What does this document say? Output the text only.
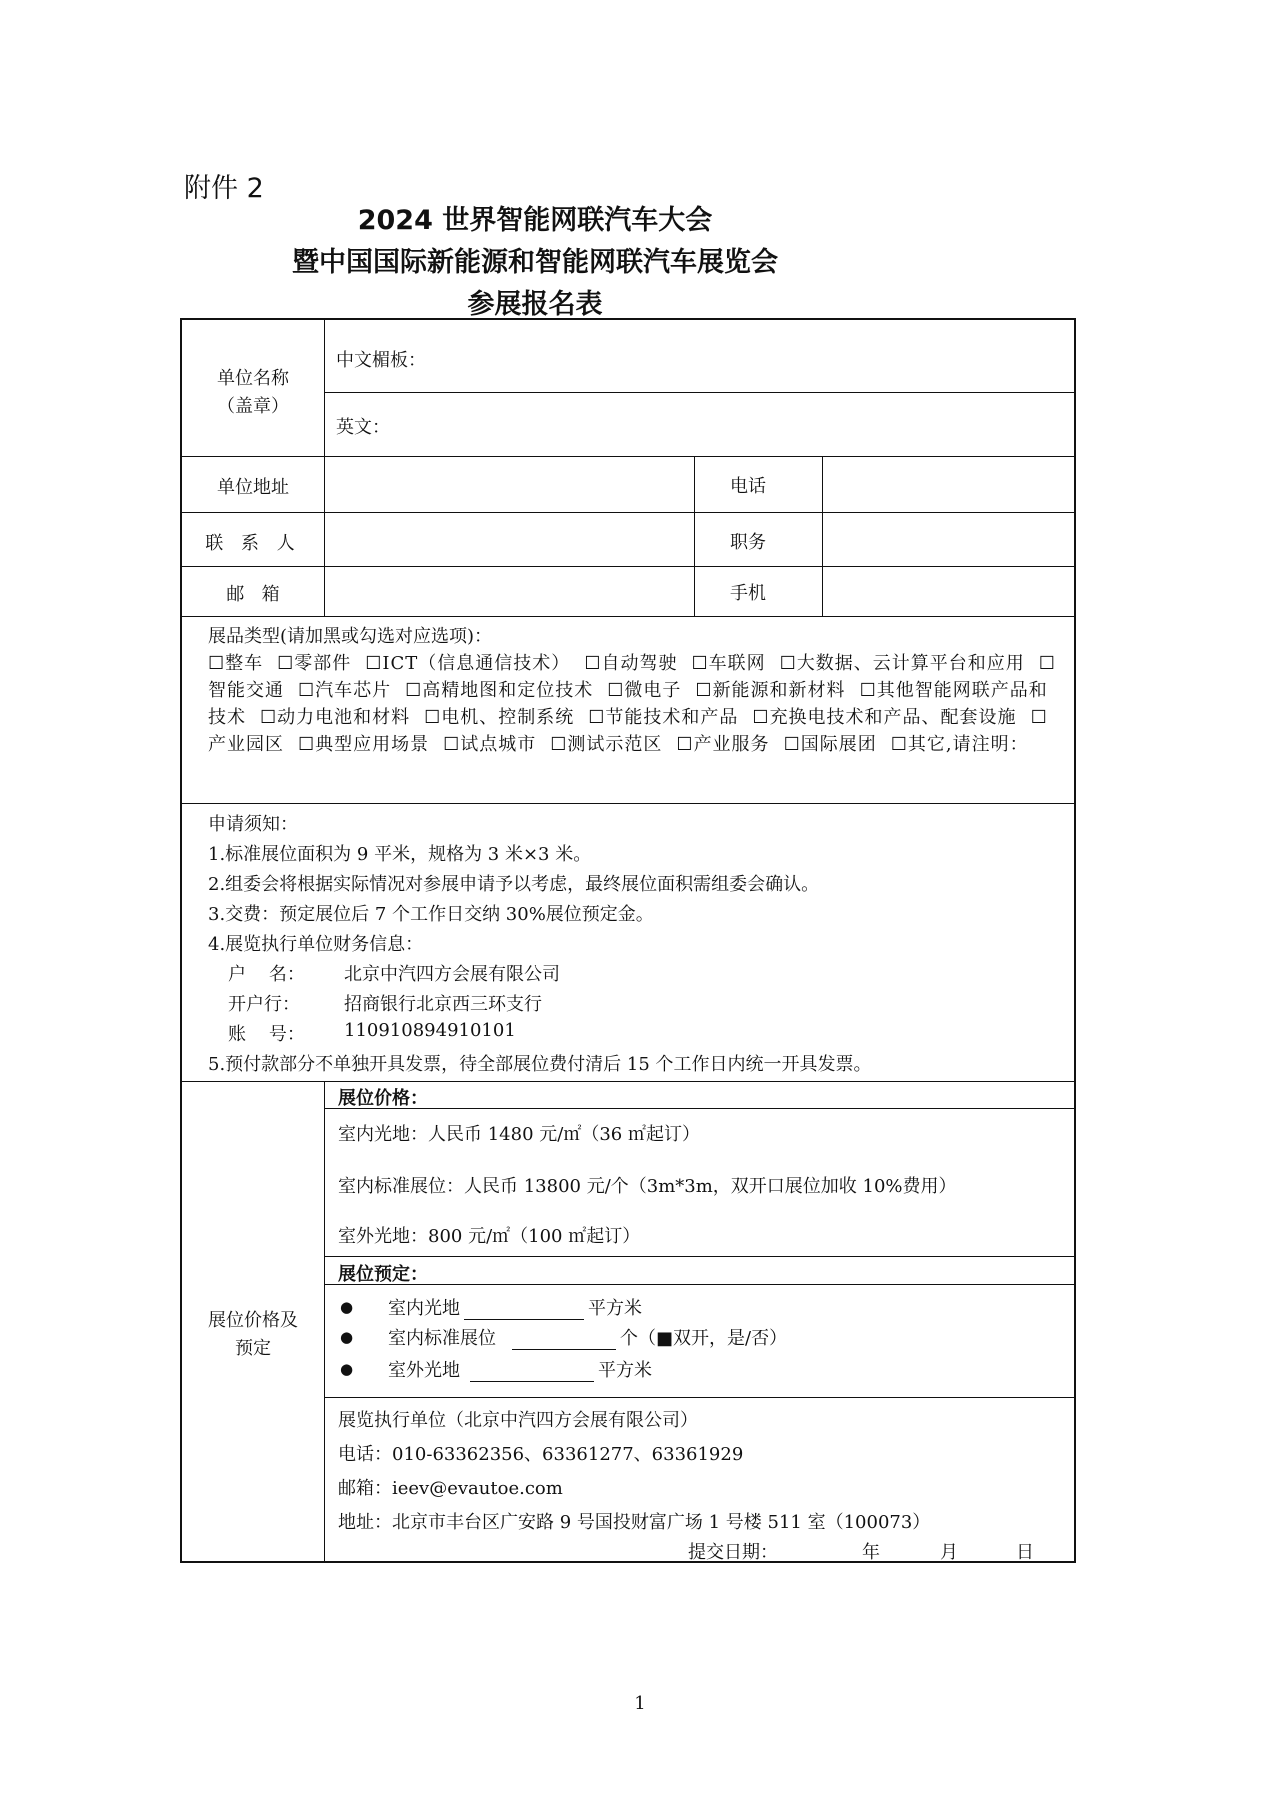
附件 2
2024 世界智能网联汽车大会
暨中国国际新能源和智能网联汽车展览会
参展报名表
单位名称
（盖章）
中文楣板：
英文：
单位地址	电话
联 系 人	职务
邮   箱	手机
展品类型(请加黑或勾选对应选项)：
☐整车 ☐零部件 ☐ICT（信息通信技术） ☐自动驾驶 ☐车联网 ☐大数据、云计算平台和应用 ☐智能交通 ☐汽车芯片 ☐高精地图和定位技术 ☐微电子 ☐新能源和新材料 ☐其他智能网联产品和技术 ☐动力电池和材料 ☐电机、控制系统 ☐节能技术和产品 ☐充换电技术和产品、配套设施 ☐产业园区 ☐典型应用场景 ☐试点城市 ☐测试示范区 ☐产业服务 ☐国际展团 ☐其它,请注明：
申请须知：
1.标准展位面积为 9 平米，规格为 3 米×3 米。
2.组委会将根据实际情况对参展申请予以考虑，最终展位面积需组委会确认。
3.交费：预定展位后 7 个工作日交纳 30%展位预定金。
4.展览执行单位财务信息：
户    名： 北京中汽四方会展有限公司
开户行： 招商银行北京西三环支行
账    号： 110910894910101
5.预付款部分不单独开具发票，待全部展位费付清后 15 个工作日内统一开具发票。
展位价格及
预定
展位价格：
室内光地：人民币 1480 元/㎡（36 ㎡起订）
室内标准展位：人民币 13800 元/个（3m*3m，双开口展位加收 10%费用）
室外光地：800 元/㎡（100 ㎡起订）
展位预定：
● 室内光地	平方米
● 室内标准展位	个（■双开，是/否）
● 室外光地	平方米
展览执行单位（北京中汽四方会展有限公司）
电话：010-63362356、63361277、63361929
邮箱：ieev@evautoe.com
地址：北京市丰台区广安路 9 号国投财富广场 1 号楼 511 室（100073）
提交日期：	年	月	日
1
